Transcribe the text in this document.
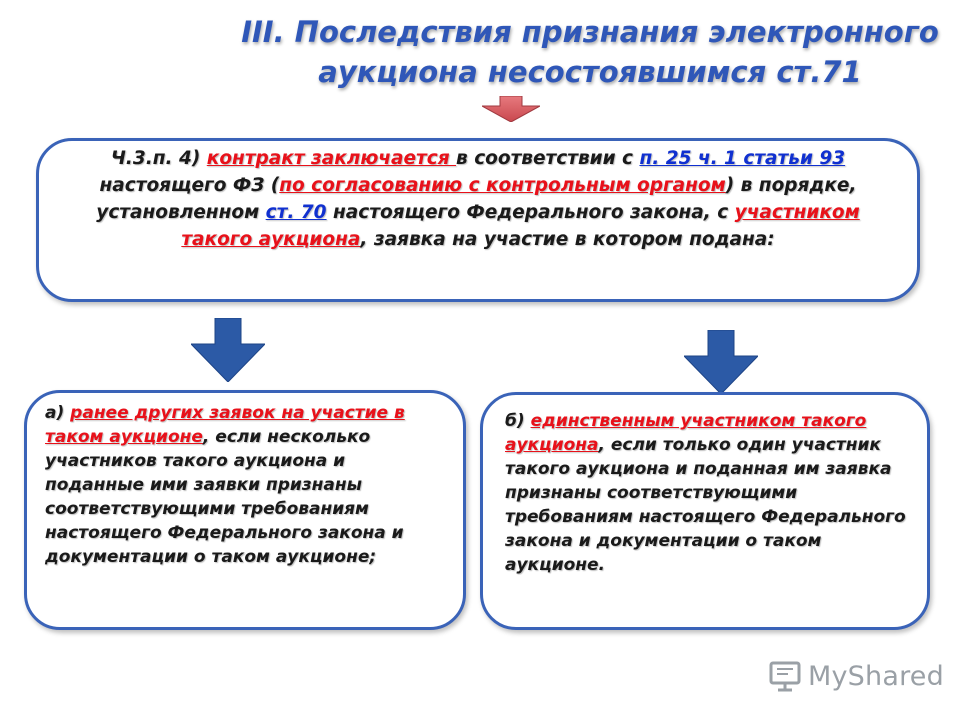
III. Последствия признания электронного
аукциона несостоявшимся ст.71
Ч.3.п. 4) контракт заключается в соответствии с п. 25 ч. 1 статьи 93 настоящего ФЗ (по согласованию с контрольным органом) в порядке, установленном ст. 70 настоящего Федерального закона, с участником такого аукциона, заявка на участие в котором подана:
а) ранее других заявок на участие в таком аукционе, если несколько участников такого аукциона и поданные ими заявки признаны соответствующими требованиям настоящего Федерального закона и документации о таком аукционе;
б) единственным участником такого аукциона, если только один участник такого аукциона и поданная им заявка признаны соответствующими требованиям настоящего Федерального закона и документации о таком аукционе.
MyShared
